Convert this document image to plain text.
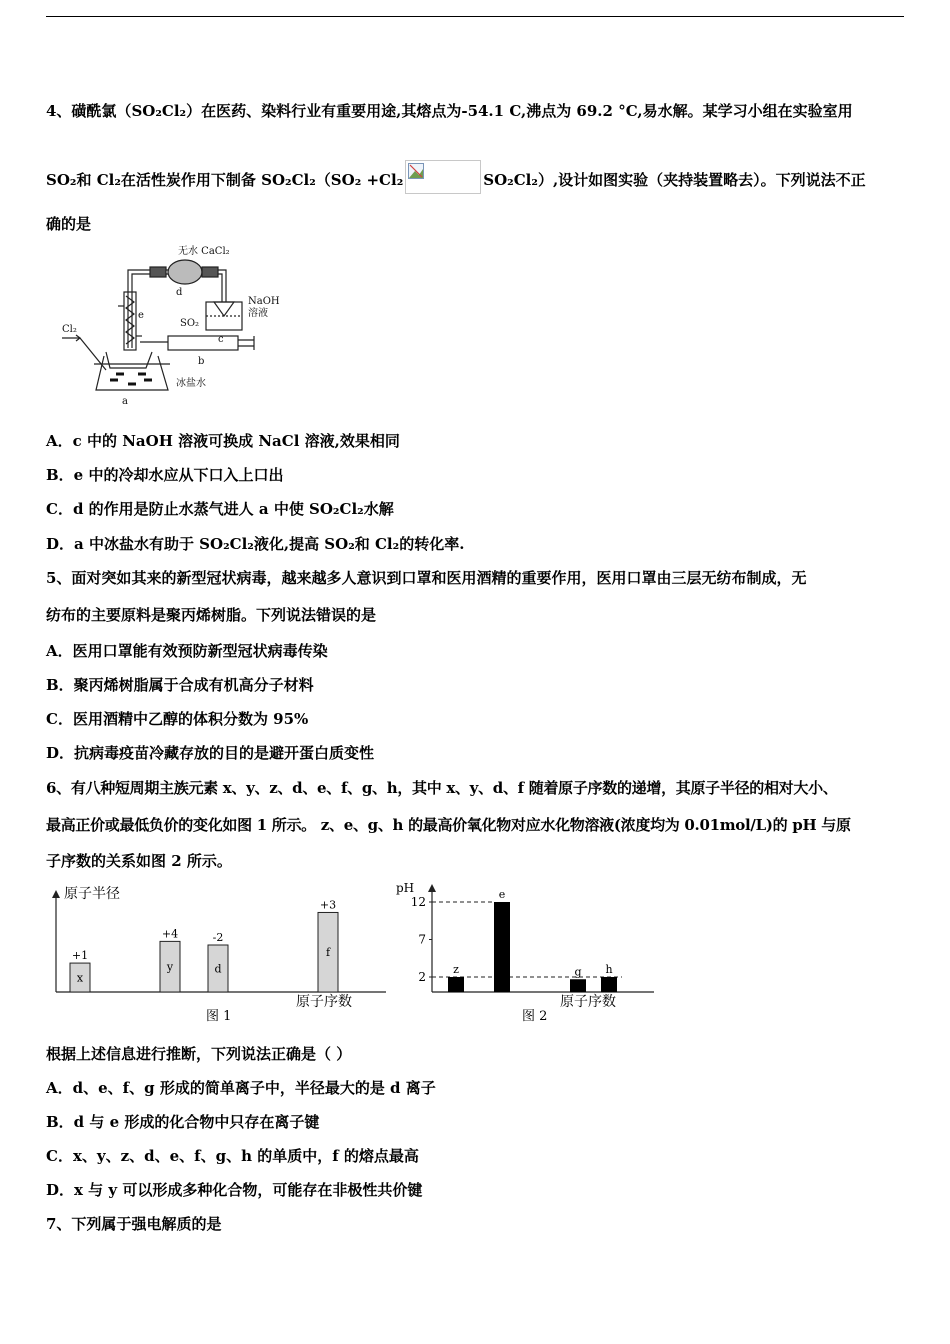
4、磺酰氯（SO₂Cl₂）在医药、染料行业有重要用途,其熔点为-54.1 C,沸点为 69.2 °C,易水解。某学习小组在实验室用
SO₂和 Cl₂在活性炭作用下制备 SO₂Cl₂（SO₂ +Cl₂	SO₂Cl₂）,设计如图实验（夹持装置略去）。下列说法不正
确的是
无水 CaCl₂
d
NaOH
溶液
c
e
SO₂
Cl₂
b
冰盐水
a
A．c 中的 NaOH 溶液可换成 NaCl 溶液,效果相同
B．e 中的冷却水应从下口入上口出
C．d 的作用是防止水蒸气进人 a 中使 SO₂Cl₂水解
D．a 中冰盐水有助于 SO₂Cl₂液化,提高 SO₂和 Cl₂的转化率.
5、面对突如其来的新型冠状病毒，越来越多人意识到口罩和医用酒精的重要作用，医用口罩由三层无纺布制成，无
纺布的主要原料是聚丙烯树脂。下列说法错误的是
A．医用口罩能有效预防新型冠状病毒传染
B．聚丙烯树脂属于合成有机高分子材料
C．医用酒精中乙醇的体积分数为 95%
D．抗病毒疫苗冷藏存放的目的是避开蛋白质变性
6、有八种短周期主族元素 x、y、z、d、e、f、g、h，其中 x、y、d、f 随着原子序数的递增，其原子半径的相对大小、
最高正价或最低负价的变化如图 1 所示。 z、e、g、h 的最高价氧化物对应水化物溶液(浓度均为 0.01mol/L)的 pH 与原
子序数的关系如图 2 所示。
原子半径
原子序数
图 1
x
+1
y
+4
d
-2
f
+3
pH
原子序数
图 2
2
7
12
z
e
g h
根据上述信息进行推断，下列说法正确是（ ）
A．d、e、f、g 形成的简单离子中，半径最大的是 d 离子
B．d 与 e 形成的化合物中只存在离子键
C．x、y、z、d、e、f、g、h 的单质中，f 的熔点最高
D．x 与 y 可以形成多种化合物，可能存在非极性共价键
7、下列属于强电解质的是
